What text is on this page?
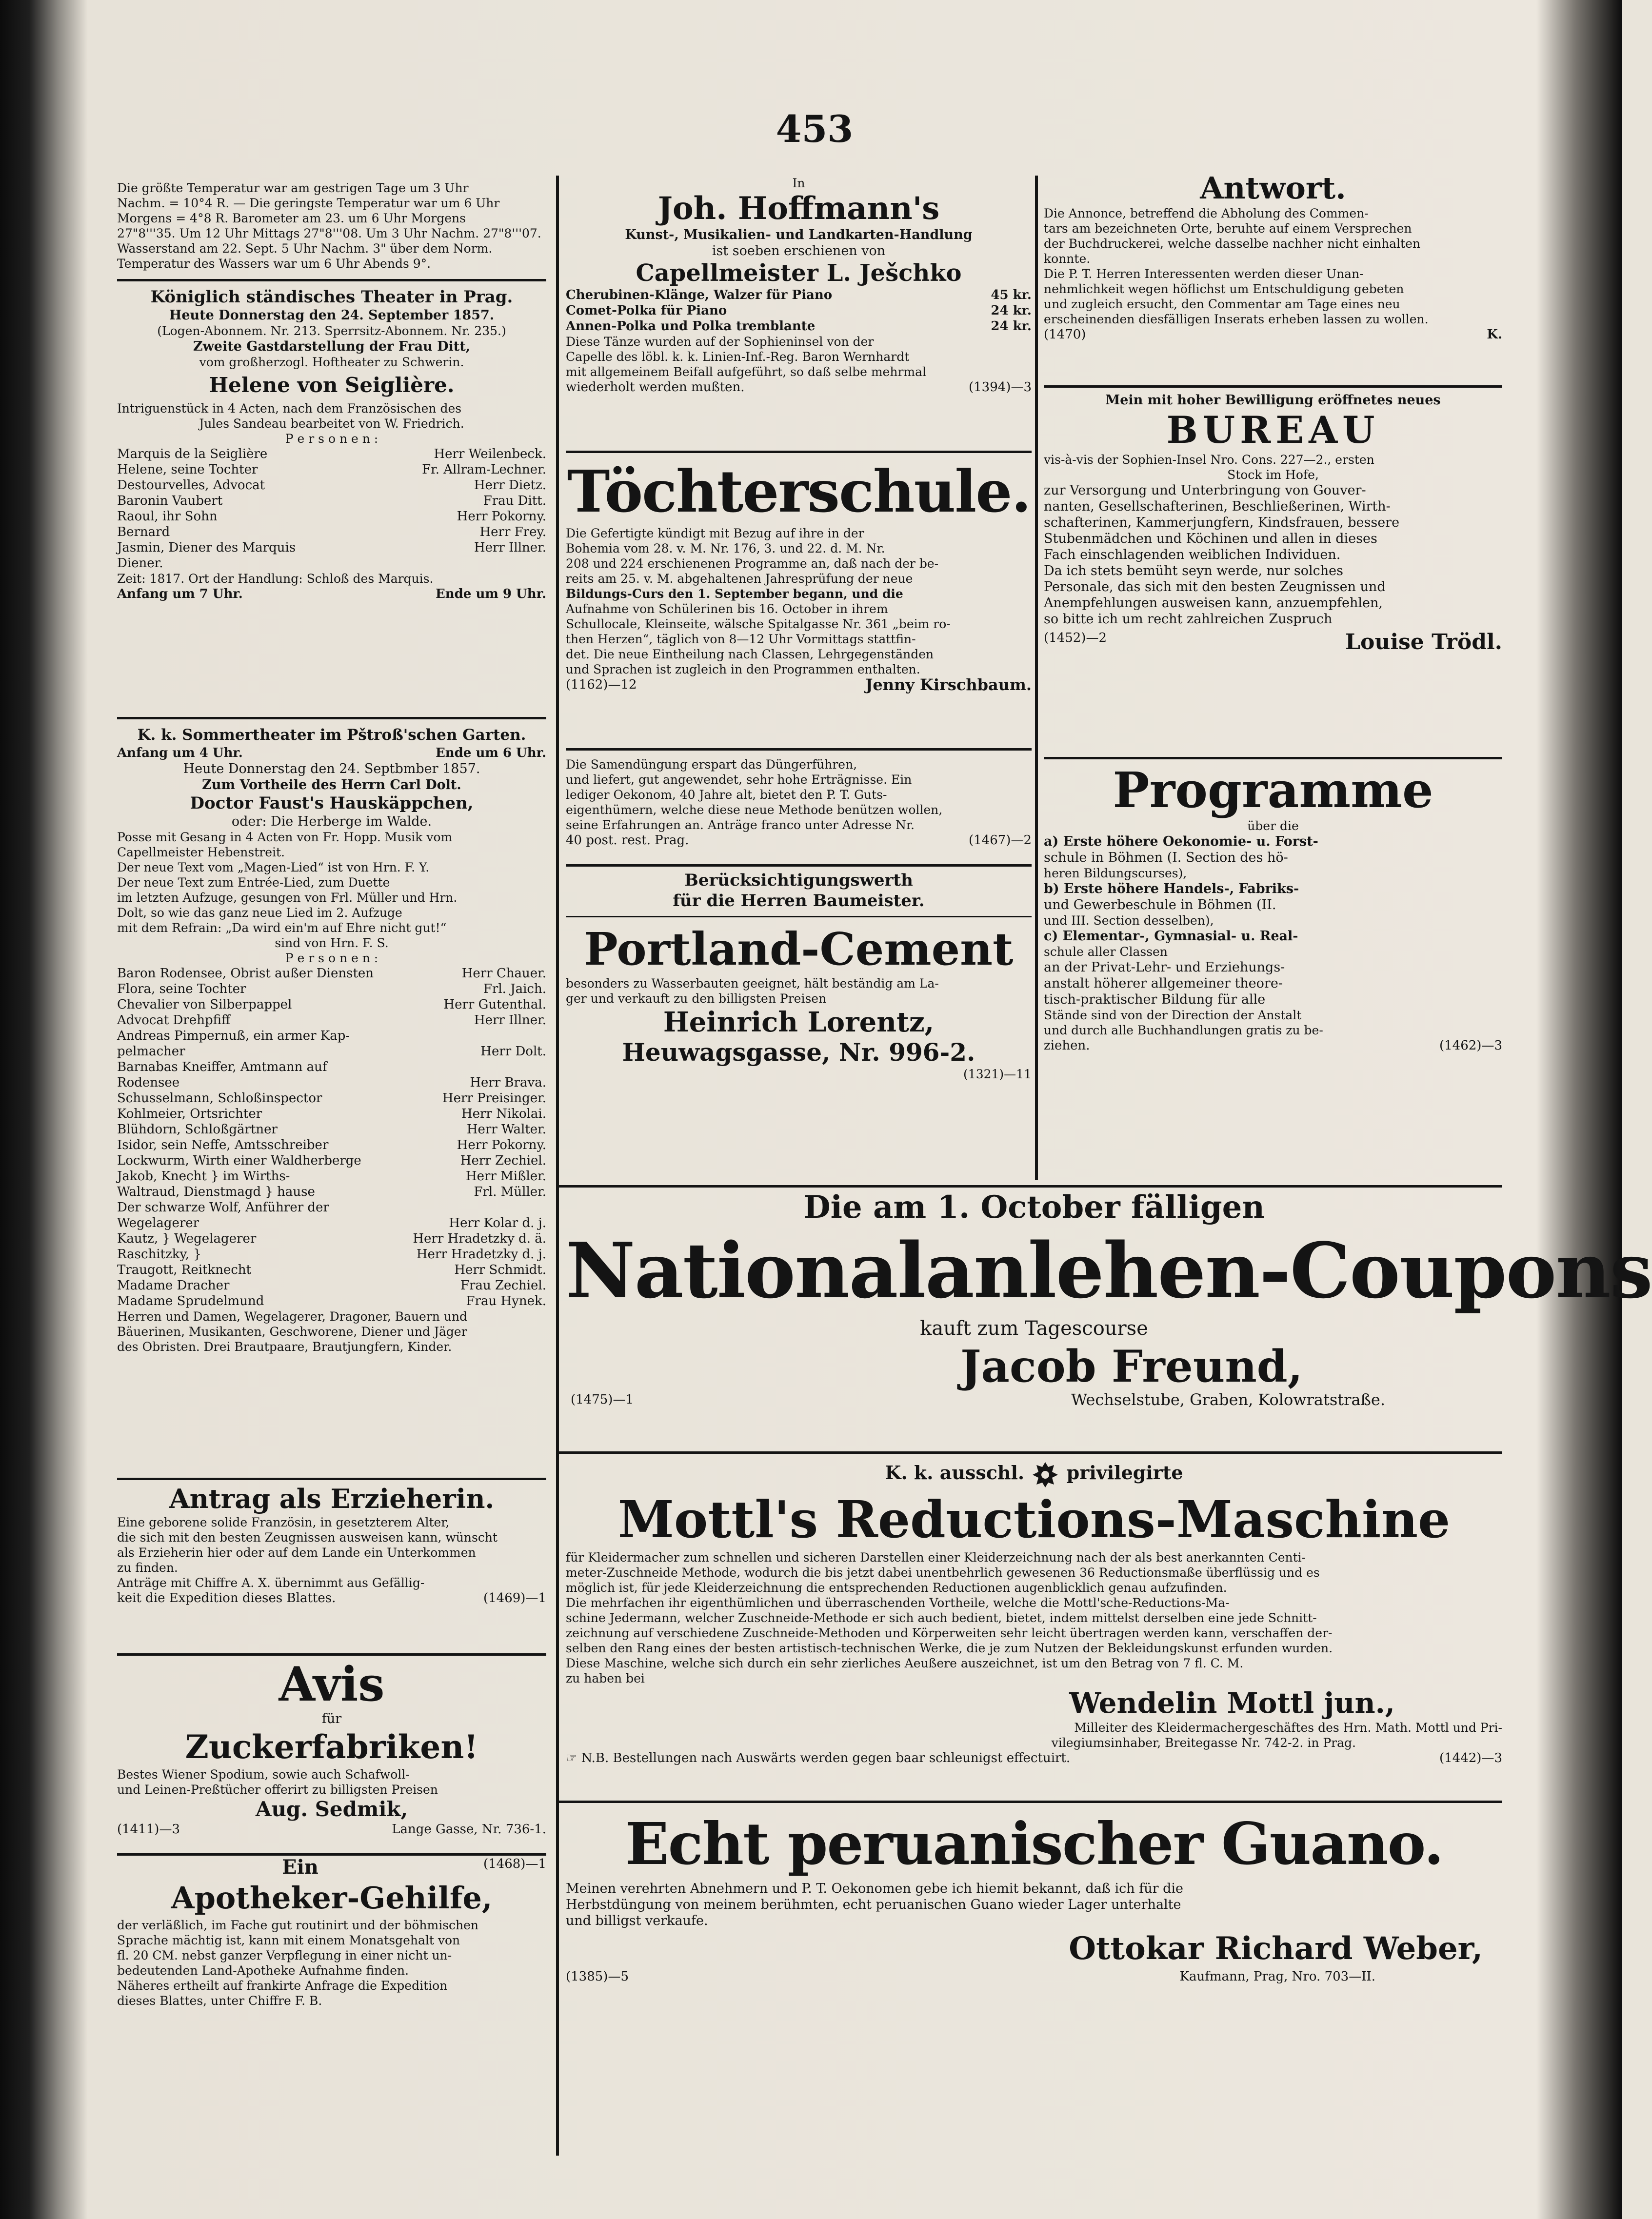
453
Die größte Temperatur war am gestrigen Tage um 3 Uhr
Nachm. = 10°4 R. — Die geringste Temperatur war um 6 Uhr
Morgens = 4°8 R. Barometer am 23. um 6 Uhr Morgens
27"8'''35. Um 12 Uhr Mittags 27"8'''08. Um 3 Uhr Nachm. 27"8'''07.
Wasserstand am 22. Sept. 5 Uhr Nachm. 3" über dem Norm.
Temperatur des Wassers war um 6 Uhr Abends 9°.
Königlich ständisches Theater in Prag.
Heute Donnerstag den 24. September 1857.
(Logen-Abonnem. Nr. 213. Sperrsitz-Abonnem. Nr. 235.)
Zweite Gastdarstellung der Frau Ditt,
vom großherzogl. Hoftheater zu Schwerin.
Helene von Seiglière.
Intriguenstück in 4 Acten, nach dem Französischen des
Jules Sandeau bearbeitet von W. Friedrich.
P e r s o n e n :
Marquis de la Seiglière	Herr Weilenbeck.
Helene, seine Tochter	Fr. Allram-Lechner.
Destourvelles, Advocat	Herr Dietz.
Baronin Vaubert	Frau Ditt.
Raoul, ihr Sohn	Herr Pokorny.
Bernard	Herr Frey.
Jasmin, Diener des Marquis	Herr Illner.
Diener.
Zeit: 1817. Ort der Handlung: Schloß des Marquis.
Anfang um 7 Uhr.	Ende um 9 Uhr.
K. k. Sommertheater im Pštroß'schen Garten.
Anfang um 4 Uhr.	Ende um 6 Uhr.
Heute Donnerstag den 24. Septbmber 1857.
Zum Vortheile des Herrn Carl Dolt.
Doctor Faust's Hauskäppchen,
oder: Die Herberge im Walde.
Posse mit Gesang in 4 Acten von Fr. Hopp. Musik vom
Capellmeister Hebenstreit.
Der neue Text vom „Magen-Lied“ ist von Hrn. F. Y.
Der neue Text zum Entrée-Lied, zum Duette
im letzten Aufzuge, gesungen von Frl. Müller und Hrn.
Dolt, so wie das ganz neue Lied im 2. Aufzuge
mit dem Refrain: „Da wird ein'm auf Ehre nicht gut!“
sind von Hrn. F. S.
P e r s o n e n :
Baron Rodensee, Obrist außer Diensten	Herr Chauer.
Flora, seine Tochter	Frl. Jaich.
Chevalier von Silberpappel	Herr Gutenthal.
Advocat Drehpfiff	Herr Illner.
Andreas Pimpernuß, ein armer Kap-
pelmacher	Herr Dolt.
Barnabas Kneiffer, Amtmann auf
Rodensee	Herr Brava.
Schusselmann, Schloßinspector	Herr Preisinger.
Kohlmeier, Ortsrichter	Herr Nikolai.
Blühdorn, Schloßgärtner	Herr Walter.
Isidor, sein Neffe, Amtsschreiber	Herr Pokorny.
Lockwurm, Wirth einer Waldherberge	Herr Zechiel.
Jakob, Knecht } im Wirths-	Herr Mißler.
Waltraud, Dienstmagd } hause	Frl. Müller.
Der schwarze Wolf, Anführer der
Wegelagerer	Herr Kolar d. j.
Kautz, } Wegelagerer	Herr Hradetzky d. ä.
Raschitzky, }	Herr Hradetzky d. j.
Traugott, Reitknecht	Herr Schmidt.
Madame Dracher	Frau Zechiel.
Madame Sprudelmund	Frau Hynek.
Herren und Damen, Wegelagerer, Dragoner, Bauern und
Bäuerinen, Musikanten, Geschworene, Diener und Jäger
des Obristen. Drei Brautpaare, Brautjungfern, Kinder.
Antrag als Erzieherin.
Eine geborene solide Französin, in gesetzterem Alter,
die sich mit den besten Zeugnissen ausweisen kann, wünscht
als Erzieherin hier oder auf dem Lande ein Unterkommen
zu finden.
Anträge mit Chiffre A. X. übernimmt aus Gefällig-
keit die Expedition dieses Blattes.	(1469)—1
Avis
für
Zuckerfabriken!
Bestes Wiener Spodium, sowie auch Schafwoll-
und Leinen-Preßtücher offerirt zu billigsten Preisen
Aug. Sedmik,
(1411)—3	Lange Gasse, Nr. 736-1.
Ein	(1468)—1
Apotheker-Gehilfe,
der verläßlich, im Fache gut routinirt und der böhmischen
Sprache mächtig ist, kann mit einem Monatsgehalt von
fl. 20 CM. nebst ganzer Verpflegung in einer nicht un-
bedeutenden Land-Apotheke Aufnahme finden.
Näheres ertheilt auf frankirte Anfrage die Expedition
dieses Blattes, unter Chiffre F. B.
In
Joh. Hoffmann's
Kunst-, Musikalien- und Landkarten-Handlung
ist soeben erschienen von
Capellmeister L. Ješchko
Cherubinen-Klänge, Walzer für Piano	45 kr.
Comet-Polka für Piano	24 kr.
Annen-Polka und Polka tremblante	24 kr.
Diese Tänze wurden auf der Sophieninsel von der
Capelle des löbl. k. k. Linien-Inf.-Reg. Baron Wernhardt
mit allgemeinem Beifall aufgeführt, so daß selbe mehrmal
wiederholt werden mußten.	(1394)—3
Töchterschule.
Die Gefertigte kündigt mit Bezug auf ihre in der
Bohemia vom 28. v. M. Nr. 176, 3. und 22. d. M. Nr.
208 und 224 erschienenen Programme an, daß nach der be-
reits am 25. v. M. abgehaltenen Jahresprüfung der neue
Bildungs-Curs den 1. September begann, und die
Aufnahme von Schülerinen bis 16. October in ihrem
Schullocale, Kleinseite, wälsche Spitalgasse Nr. 361 „beim ro-
then Herzen“, täglich von 8—12 Uhr Vormittags stattfin-
det. Die neue Eintheilung nach Classen, Lehrgegenständen
und Sprachen ist zugleich in den Programmen enthalten.
(1162)—12	Jenny Kirschbaum.
Die Samendüngung erspart das Düngerführen,
und liefert, gut angewendet, sehr hohe Erträgnisse. Ein
lediger Oekonom, 40 Jahre alt, bietet den P. T. Guts-
eigenthümern, welche diese neue Methode benützen wollen,
seine Erfahrungen an. Anträge franco unter Adresse Nr.
40 post. rest. Prag.	(1467)—2
Berücksichtigungswerth
für die Herren Baumeister.
Portland-Cement
besonders zu Wasserbauten geeignet, hält beständig am La-
ger und verkauft zu den billigsten Preisen
Heinrich Lorentz,
Heuwagsgasse, Nr. 996-2.
(1321)—11
Antwort.
Die Annonce, betreffend die Abholung des Commen-
tars am bezeichneten Orte, beruhte auf einem Versprechen
der Buchdruckerei, welche dasselbe nachher nicht einhalten
konnte.
Die P. T. Herren Interessenten werden dieser Unan-
nehmlichkeit wegen höflichst um Entschuldigung gebeten
und zugleich ersucht, den Commentar am Tage eines neu
erscheinenden diesfälligen Inserats erheben lassen zu wollen.
(1470)	K.
Mein mit hoher Bewilligung eröffnetes neues
BUREAU
vis-à-vis der Sophien-Insel Nro. Cons. 227—2., ersten
Stock im Hofe,
zur Versorgung und Unterbringung von Gouver-
nanten, Gesellschafterinen, Beschließerinen, Wirth-
schafterinen, Kammerjungfern, Kindsfrauen, bessere
Stubenmädchen und Köchinen und allen in dieses
Fach einschlagenden weiblichen Individuen.
Da ich stets bemüht seyn werde, nur solches
Personale, das sich mit den besten Zeugnissen und
Anempfehlungen ausweisen kann, anzuempfehlen,
so bitte ich um recht zahlreichen Zuspruch
(1452)—2	Louise Trödl.
Programme
über die
a) Erste höhere Oekonomie- u. Forst-
schule in Böhmen (I. Section des hö-
heren Bildungscurses),
b) Erste höhere Handels-, Fabriks-
und Gewerbeschule in Böhmen (II.
und III. Section desselben),
c) Elementar-, Gymnasial- u. Real-
schule aller Classen
an der Privat-Lehr- und Erziehungs-
anstalt höherer allgemeiner theore-
tisch-praktischer Bildung für alle
Stände sind von der Direction der Anstalt
und durch alle Buchhandlungen gratis zu be-
ziehen.	(1462)—3
Die am 1. October fälligen
Nationalanlehen-Coupons
kauft zum Tagescourse
Jacob Freund,
(1475)—1	Wechselstube, Graben, Kolowratstraße.
K. k. ausschl. privilegirte
Mottl's Reductions-Maschine
für Kleidermacher zum schnellen und sicheren Darstellen einer Kleiderzeichnung nach der als best anerkannten Centi-
meter-Zuschneide Methode, wodurch die bis jetzt dabei unentbehrlich gewesenen 36 Reductionsmaße überflüssig und es
möglich ist, für jede Kleiderzeichnung die entsprechenden Reductionen augenblicklich genau aufzufinden.
Die mehrfachen ihr eigenthümlichen und überraschenden Vortheile, welche die Mottl'sche-Reductions-Ma-
schine Jedermann, welcher Zuschneide-Methode er sich auch bedient, bietet, indem mittelst derselben eine jede Schnitt-
zeichnung auf verschiedene Zuschneide-Methoden und Körperweiten sehr leicht übertragen werden kann, verschaffen der-
selben den Rang eines der besten artistisch-technischen Werke, die je zum Nutzen der Bekleidungskunst erfunden wurden.
Diese Maschine, welche sich durch ein sehr zierliches Aeußere auszeichnet, ist um den Betrag von 7 fl. C. M.
zu haben bei
Wendelin Mottl jun.,
Milleiter des Kleidermachergeschäftes des Hrn. Math. Mottl und Pri-
vilegiumsinhaber, Breitegasse Nr. 742-2. in Prag.
☞ N.B. Bestellungen nach Auswärts werden gegen baar schleunigst effectuirt.	(1442)—3
Echt peruanischer Guano.
Meinen verehrten Abnehmern und P. T. Oekonomen gebe ich hiemit bekannt, daß ich für die
Herbstdüngung von meinem berühmten, echt peruanischen Guano wieder Lager unterhalte
und billigst verkaufe.
Ottokar Richard Weber,
(1385)—5	Kaufmann, Prag, Nro. 703—II.
